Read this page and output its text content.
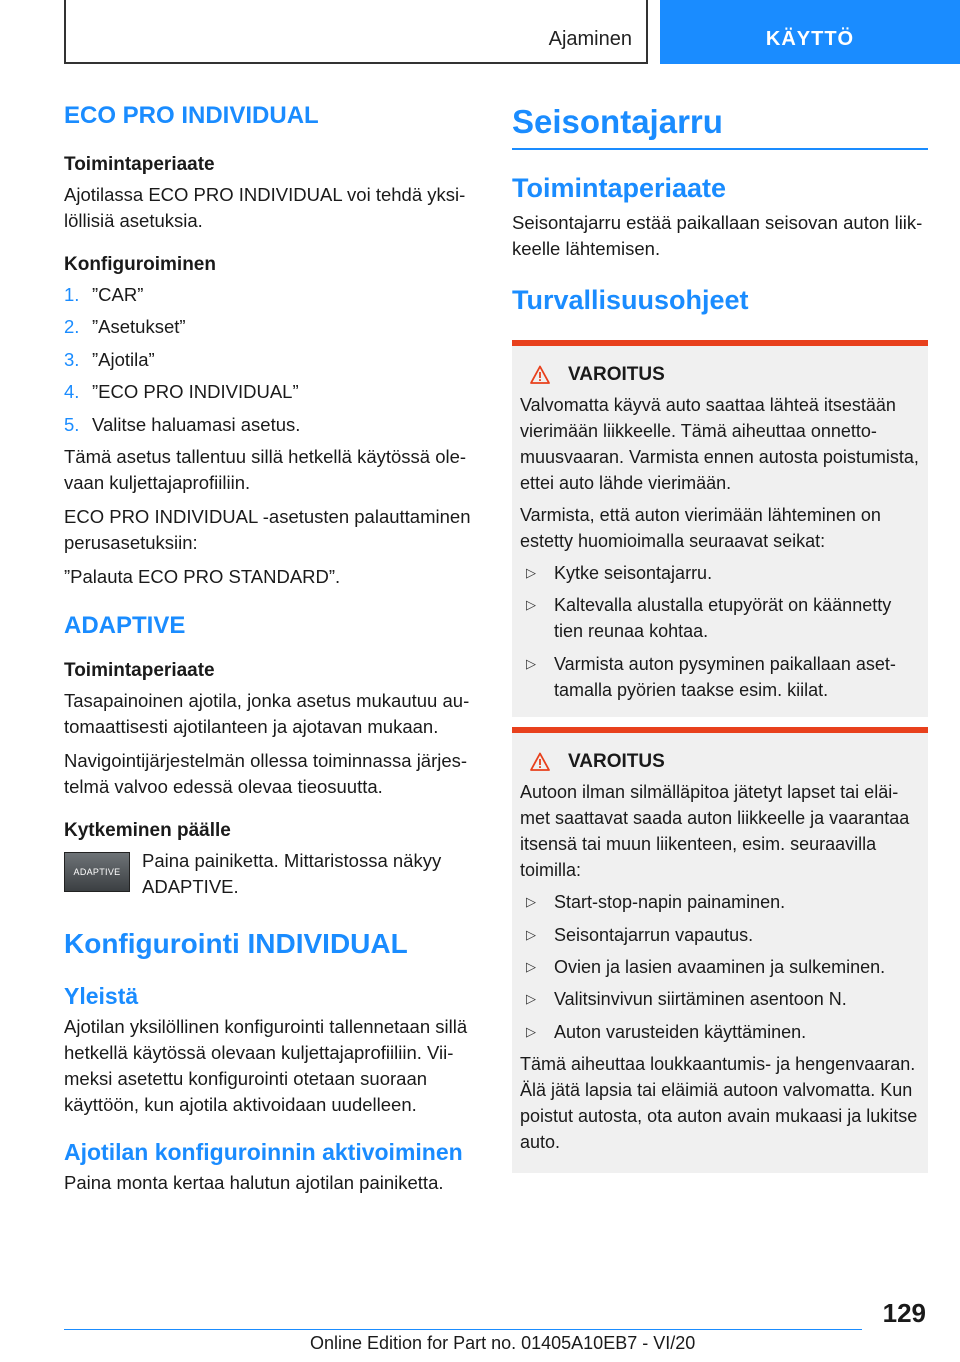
Ajaminen	KÄYTTÖ
ECO PRO INDIVIDUAL
Toimintaperiaate

Ajotilassa ECO PRO INDIVIDUAL voi tehdä yksilöllisiä asetuksia.

Konfiguroiminen
1. ”CAR”
2. ”Asetukset”
3. ”Ajotila”
4. ”ECO PRO INDIVIDUAL”
5. Valitse haluamasi asetus.

Tämä asetus tallentuu sillä hetkellä käytössä olevaan kuljettajaprofiiliin.

ECO PRO INDIVIDUAL -asetusten palauttaminen perusasetuksiin:

”Palauta ECO PRO STANDARD”.

ADAPTIVE
Toimintaperiaate

Tasapainoinen ajotila, jonka asetus mukautuu automaattisesti ajotilanteen ja ajotavan mukaan.

Navigointijärjestelmän ollessa toiminnassa järjestelmä valvoo edessä olevaa tieosuutta.

Kytkeminen päälle
ADAPTIVE

Paina painiketta. Mittaristossa näkyy ADAPTIVE.

Konfigurointi INDIVIDUAL
Yleistä

Ajotilan yksilöllinen konfigurointi tallennetaan sillä hetkellä käytössä olevaan kuljettajaprofiiliin. Viimeksi asetettu konfigurointi otetaan suoraan käyttöön, kun ajotila aktivoidaan uudelleen.

Ajotilan konfiguroinnin aktivoiminen

Paina monta kertaa halutun ajotilan painiketta.

Seisontajarru
Toimintaperiaate

Seisontajarru estää paikallaan seisovan auton liikkeelle lähtemisen.

Turvallisuusohjeet
VAROITUS

Valvomatta käyvä auto saattaa lähteä itsestään vierimään liikkeelle. Tämä aiheuttaa onnettomuusvaaran. Varmista ennen autosta poistumista, ettei auto lähde vierimään.

Varmista, että auton vierimään lähteminen on estetty huomioimalla seuraavat seikat:

▷	Kytke seisontajarru.
▷	Kaltevalla alustalla etupyörät on käännetty tien reunaa kohtaa.
▷	Varmista auton pysyminen paikallaan asettamalla pyörien taakse esim. kiilat.
VAROITUS

Autoon ilman silmälläpitoa jätetyt lapset tai eläimet saattavat saada auton liikkeelle ja vaarantaa itsensä tai muun liikenteen, esim. seuraavilla toimilla:

▷	Start-stop-napin painaminen.
▷	Seisontajarrun vapautus.
▷	Ovien ja lasien avaaminen ja sulkeminen.
▷	Valitsinvivun siirtäminen asentoon N.
▷	Auton varusteiden käyttäminen.

Tämä aiheuttaa loukkaantumis- ja hengenvaaran. Älä jätä lapsia tai eläimiä autoon valvomatta. Kun poistut autosta, ota auton avain mukaasi ja lukitse auto.

129
Online Edition for Part no. 01405A10EB7 - VI/20
